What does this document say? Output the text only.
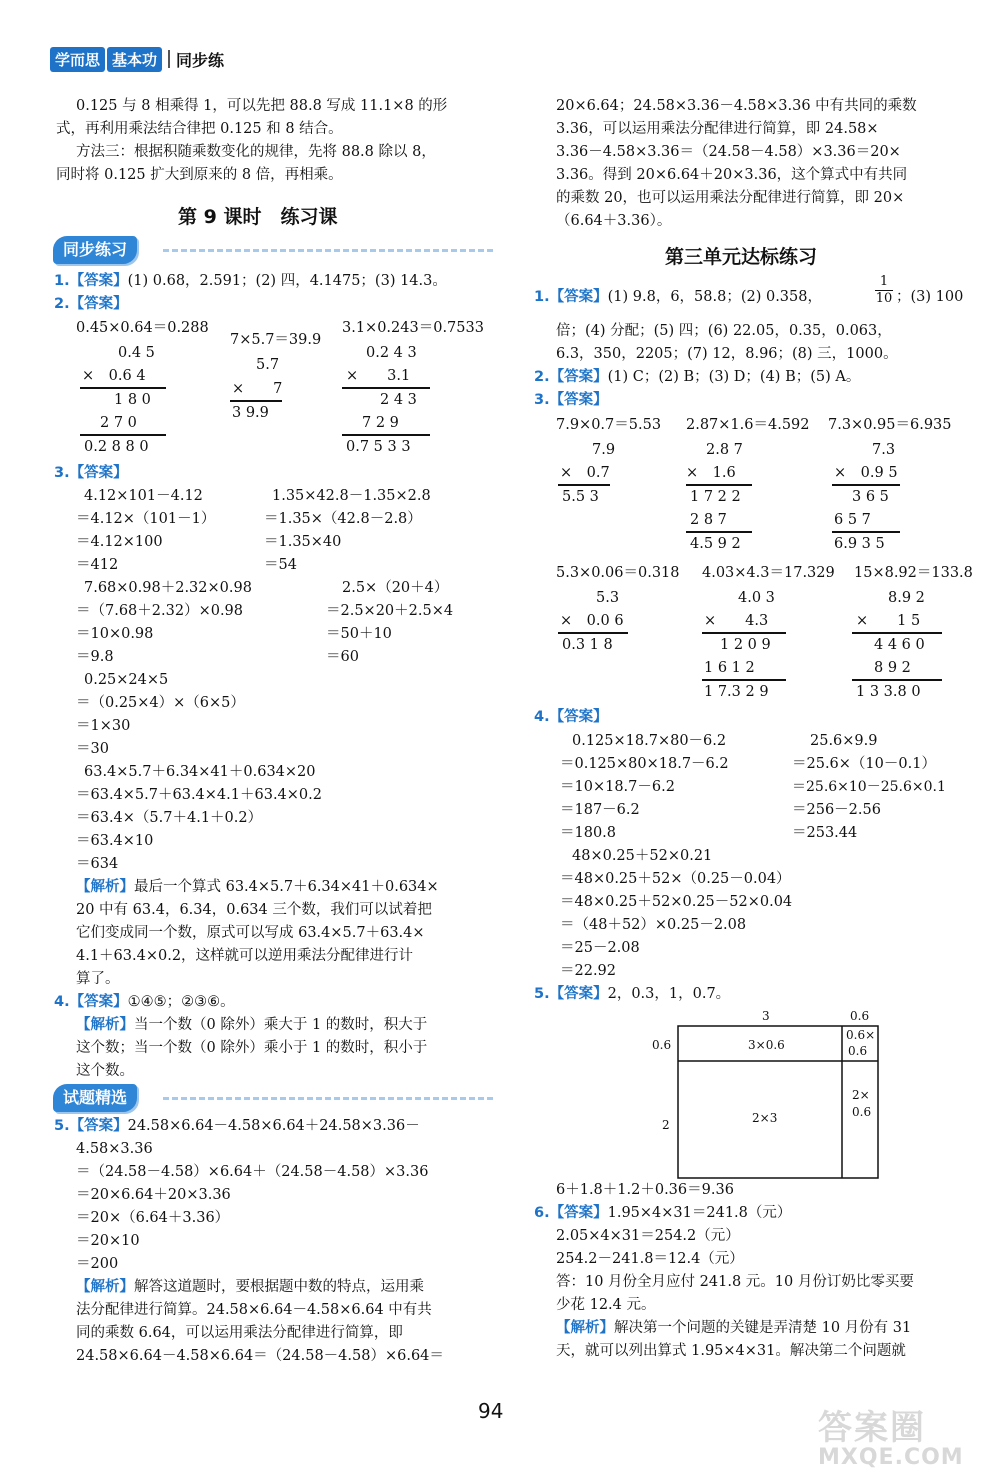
学而思 基本功	同步练
0.125 与 8 相乘得 1，可以先把 88.8 写成 11.1×8 的形
式，再利用乘法结合律把 0.125 和 8 结合。
方法三：根据积随乘数变化的规律，先将 88.8 除以 8，
同时将 0.125 扩大到原来的 8 倍，再相乘。
第 9 课时　练习课
同步练习
1.【答案】(1) 0.68，2.591；(2) 四，4.1475；(3) 14.3。
2.【答案】
0.45×0.64＝0.288
7×5.7＝39.9
3.1×0.243＝0.7533
0.4 5
×　0.6 4
1 8 0
2 7 0
0.2 8 8 0
5.7
×　　7
3 9.9
0.2 4 3
×　　3.1
2 4 3
7 2 9
0.7 5 3 3
3.【答案】
4.12×101－4.12
＝4.12×（101－1）
＝4.12×100
＝412
1.35×42.8－1.35×2.8
＝1.35×（42.8－2.8）
＝1.35×40
＝54
7.68×0.98＋2.32×0.98
＝（7.68＋2.32）×0.98
＝10×0.98
＝9.8
2.5×（20＋4）
＝2.5×20＋2.5×4
＝50＋10
＝60
0.25×24×5
＝（0.25×4）×（6×5）
＝1×30
＝30
63.4×5.7＋6.34×41＋0.634×20
＝63.4×5.7＋63.4×4.1＋63.4×0.2
＝63.4×（5.7＋4.1＋0.2）
＝63.4×10
＝634
【解析】最后一个算式 63.4×5.7＋6.34×41＋0.634×
20 中有 63.4，6.34，0.634 三个数，我们可以试着把
它们变成同一个数，原式可以写成 63.4×5.7＋63.4×
4.1＋63.4×0.2，这样就可以逆用乘法分配律进行计
算了。
4.【答案】①④⑤；②③⑥。
【解析】当一个数（0 除外）乘大于 1 的数时，积大于
这个数；当一个数（0 除外）乘小于 1 的数时，积小于
这个数。
试题精选
5.【答案】24.58×6.64－4.58×6.64＋24.58×3.36－
4.58×3.36
＝（24.58－4.58）×6.64＋（24.58－4.58）×3.36
＝20×6.64＋20×3.36
＝20×（6.64＋3.36）
＝20×10
＝200
【解析】解答这道题时，要根据题中数的特点，运用乘
法分配律进行简算。24.58×6.64－4.58×6.64 中有共
同的乘数 6.64，可以运用乘法分配律进行简算，即
24.58×6.64－4.58×6.64＝（24.58－4.58）×6.64＝
20×6.64；24.58×3.36－4.58×3.36 中有共同的乘数
3.36，可以运用乘法分配律进行简算，即 24.58×
3.36－4.58×3.36＝（24.58－4.58）×3.36＝20×
3.36。得到 20×6.64＋20×3.36，这个算式中有共同
的乘数 20，也可以运用乘法分配律进行简算，即 20×
（6.64＋3.36）。
第三单元达标练习
1.【答案】(1) 9.8，6，58.8；(2) 0.358，
1
10 ；(3) 100
倍；(4) 分配；(5) 四；(6) 22.05，0.35，0.063，
6.3，350，2205；(7) 12，8.96；(8) 三，1000。
2.【答案】(1) C；(2) B；(3) D；(4) B；(5) A。
3.【答案】
7.9×0.7＝5.53 2.87×1.6＝4.592 7.3×0.95＝6.935
7.9
×　0.7
5.5 3
2.8 7
×　1.6
1 7 2 2
2 8 7
4.5 9 2
7.3
×　0.9 5
3 6 5
6 5 7
6.9 3 5
5.3×0.06＝0.318 4.03×4.3＝17.329 15×8.92＝133.8
5.3
×　0.0 6
0.3 1 8
4.0 3
×　　4.3
1 2 0 9
1 6 1 2
1 7.3 2 9
8.9 2
×　　1 5
4 4 6 0
8 9 2
1 3 3.8 0
4.【答案】
0.125×18.7×80－6.2
＝0.125×80×18.7－6.2
＝10×18.7－6.2
＝187－6.2
＝180.8
25.6×9.9
＝25.6×（10－0.1）
＝25.6×10－25.6×0.1
＝256－2.56
＝253.44
48×0.25＋52×0.21
＝48×0.25＋52×（0.25－0.04）
＝48×0.25＋52×0.25－52×0.04
＝（48＋52）×0.25－2.08
＝25－2.08
＝22.92
5.【答案】2，0.3，1，0.7。
3	0.6
0.6
2
3×0.6
0.6×
0.6
2×3
2×
0.6
6＋1.8＋1.2＋0.36＝9.36
6.【答案】1.95×4×31＝241.8（元）
2.05×4×31＝254.2（元）
254.2－241.8＝12.4（元）
答：10 月份全月应付 241.8 元。10 月份订奶比零买要
少花 12.4 元。
【解析】解决第一个问题的关键是弄清楚 10 月份有 31
天，就可以列出算式 1.95×4×31。解决第二个问题就
94	答案圈
MXQE.COM
